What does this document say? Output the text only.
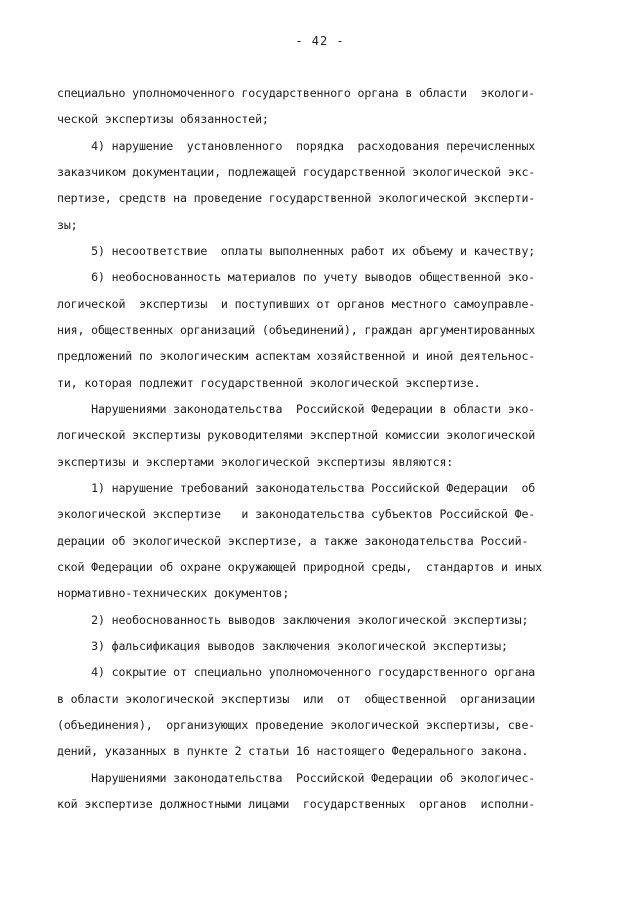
- 42 -
специально уполномоченного государственного органа в области  экологи-
ческой экспертизы обязанностей;
4) нарушение  установленного  порядка  расходования перечисленных
заказчиком документации, подлежащей государственной экологической экс-
пертизе, средств на проведение государственной экологической эксперти-
зы;
5) несоответствие  оплаты выполненных работ их объему и качеству;
6) необоснованность материалов по учету выводов общественной эко-
логической  экспертизы  и поступивших от органов местного самоуправле-
ния, общественных организаций (объединений), граждан аргументированных
предложений по экологическим аспектам хозяйственной и иной деятельнос-
ти, которая подлежит государственной экологической экспертизе.
Нарушениями законодательства  Российской Федерации в области эко-
логической экспертизы руководителями экспертной комиссии экологической
экспертизы и экспертами экологической экспертизы являются:
1) нарушение требований законодательства Российской Федерации  об
экологической экспертизе   и законодательства субъектов Российской Фе-
дерации об экологической экспертизе, а также законодательства Россий-
ской Федерации об охране окружающей природной среды,  стандартов и иных
нормативно-технических документов;
2) необоснованность выводов заключения экологической экспертизы;
3) фальсификация выводов заключения экологической экспертизы;
4) сокрытие от специально уполномоченного государственного органа
в области экологической экспертизы  или  от  общественной  организации
(объединения),  организующих проведение экологической экспертизы, све-
дений, указанных в пункте 2 статьи 16 настоящего Федерального закона.
Нарушениями законодательства  Российской Федерации об экологичес-
кой экспертизе должностными лицами  государственных  органов  исполни-
